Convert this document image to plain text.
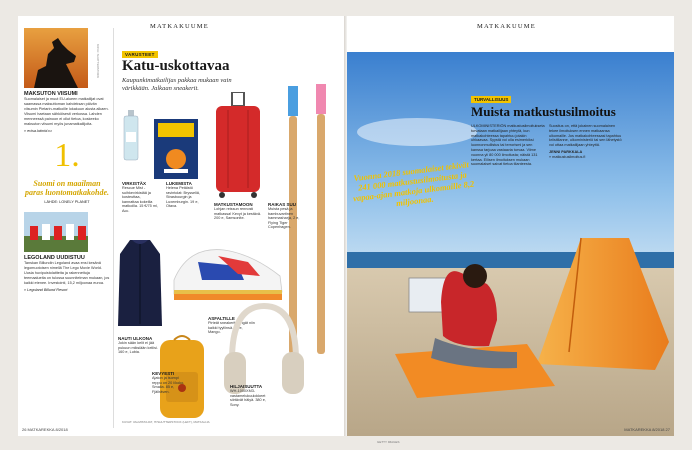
MATKAKUUME
MAKSUTON VIISUMI
Suomalaiset ja muut EU-alueen matkailijat ovat saamassa maksuttoman kahdeksan päivän viisumin Pietarin-matkoille lokakuun alusta alkaen. Viisumi haetaan sähköisesti verkossa. Lahden menneessä painoon ei ollut tietoa, koskeeko maksuton viisumi myös junamatkailijoita.
» evisa.kdmid.ru
1.
Suomi on maailman paras luontomatkakohde.
LÄHDE: LONELY PLANET
LEGOLAND UUDISTUU
Tanskan Billundin Legoland avaa ensi kesänä legomuotoisen nimellä The Lego Movie World. Uusia huvipuistolaitteita ja rakennettuja teemaalueita on tulossa suunnitelman mukaan, jos kaikki etenee. Investointi, 15,2 miljoonaa euroa.
» Legoland Billund Resort
KUVA: SHUTTERSTOCK	VARUSTEET
Katu-uskottavaa
Kaupunkimatkailijas pakkaa mukaan vain värikkään. Jalkaan sneakerit.
VIRKISTÄX
Rescue Mist -suihkevirkistää ja kosteuttaa, kannattaa kokeilla matkoilla. 15 €/75 ml, Acc.
LUKEMISTA
Helena Petäistö ravintolat: Brysseliä, Strasbourgin ja Luxemburgin. 19 e, Otava.	MATKUSTAMOON
Lohjan reissun rennosti matkassa! Kevyt ja kestävä. 200 e, Samsonite.
RAIKAS SUU
Muista pesä ja bambuvartinen hammasharja, 2 e, Flying Tiger Copenhagen.
NAUTI ULKONA
Jokin sään kelit ei jää pukuun miksiään keliisi. 160 e, Lubia.
ASFALTILLE
Pirteät sneakerit kengät niin kaikki tyyliinsä. 60 e, Mango.
KEVYESTI
Ajaton ja isompi reppu on 20 l/koko. Smalla. 85 e, Fjällräven.
HILJAISUUTTA
WH-1000XM3-vastamelukuulokkeet siirtävät hälyä. 380 e, Sony.
KUVAT: VALMISTAJAT, IT/SHUTTERSTOCK (LEFT), MATKALIJA
26 MATKAREKKA 8/2018
MATKAKUUME
TURVALLISUUS
Muista matkustusilmoitus
ULKOMINISTERIÖN matkustusilmoitukseta turvataan matkailijaan yhteytä, kun matkakohteessa tapahtuu jotakin uhkaavaa. Syystä voi olla esimerkiksi luonnonmullistus tai terrorismi ja sen kanssa tarjoaa vastaavia turvaa. Viime vuonna yli 80 000 ilmoitusta; näistä 131 kertaa. Eilisen ilmoituksen mukaan suomalaiset saivat tietoa tilanteesta.
Suositus on, että jokainen suomalainen tekee ilmoituksen ennen matkaansa ulkomaille. Jos matkakohteessasi tapahtuu kriisitilanne, ulkoministeriö tai sen lähetystö voi ottaa matkailijaan yhteyttä.
JENNI PARKKALA
» matkustusilmoitus.fi
Vuonna 2018 suomalaiset tekivät 241 000 matkustusilmoitusta ja vapaa-ajan matkoja ulkomaille 8,2 miljoonaa.
GETTY IMAGES
MATKAREKKA 8/2018 27
